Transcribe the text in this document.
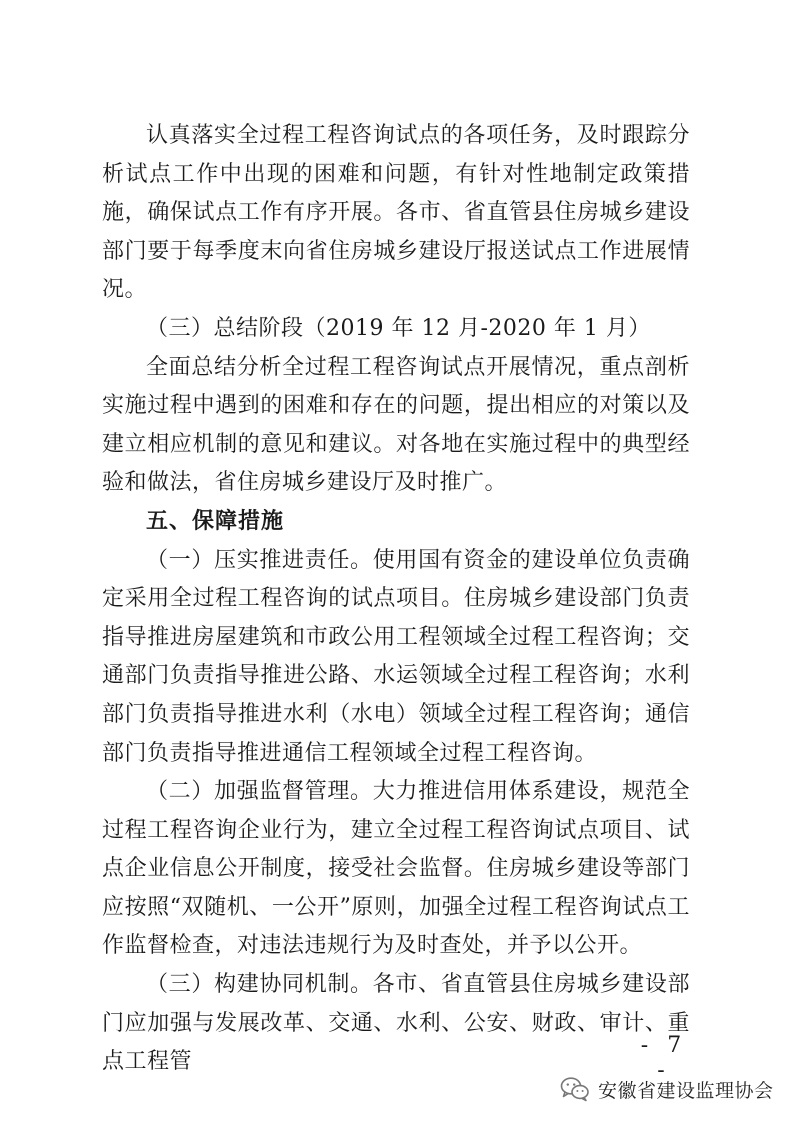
认真落实全过程工程咨询试点的各项任务，及时跟踪分析试点工作中出现的困难和问题，有针对性地制定政策措施，确保试点工作有序开展。各市、省直管县住房城乡建设部门要于每季度末向省住房城乡建设厅报送试点工作进展情况。

（三）总结阶段（2019 年 12 月-2020 年 1 月）

全面总结分析全过程工程咨询试点开展情况，重点剖析实施过程中遇到的困难和存在的问题，提出相应的对策以及建立相应机制的意见和建议。对各地在实施过程中的典型经验和做法，省住房城乡建设厅及时推广。

五、保障措施

（一）压实推进责任。使用国有资金的建设单位负责确定采用全过程工程咨询的试点项目。住房城乡建设部门负责指导推进房屋建筑和市政公用工程领域全过程工程咨询；交通部门负责指导推进公路、水运领域全过程工程咨询；水利部门负责指导推进水利（水电）领域全过程工程咨询；通信部门负责指导推进通信工程领域全过程工程咨询。

（二）加强监督管理。大力推进信用体系建设，规范全过程工程咨询企业行为，建立全过程工程咨询试点项目、试点企业信息公开制度，接受社会监督。住房城乡建设等部门应按照“双随机、一公开”原则，加强全过程工程咨询试点工作监督检查，对违法违规行为及时查处，并予以公开。

（三）构建协同机制。各市、省直管县住房城乡建设部门应加强与发展改革、交通、水利、公安、财政、审计、重点工程管

- 7 -
安徽省建设监理协会
